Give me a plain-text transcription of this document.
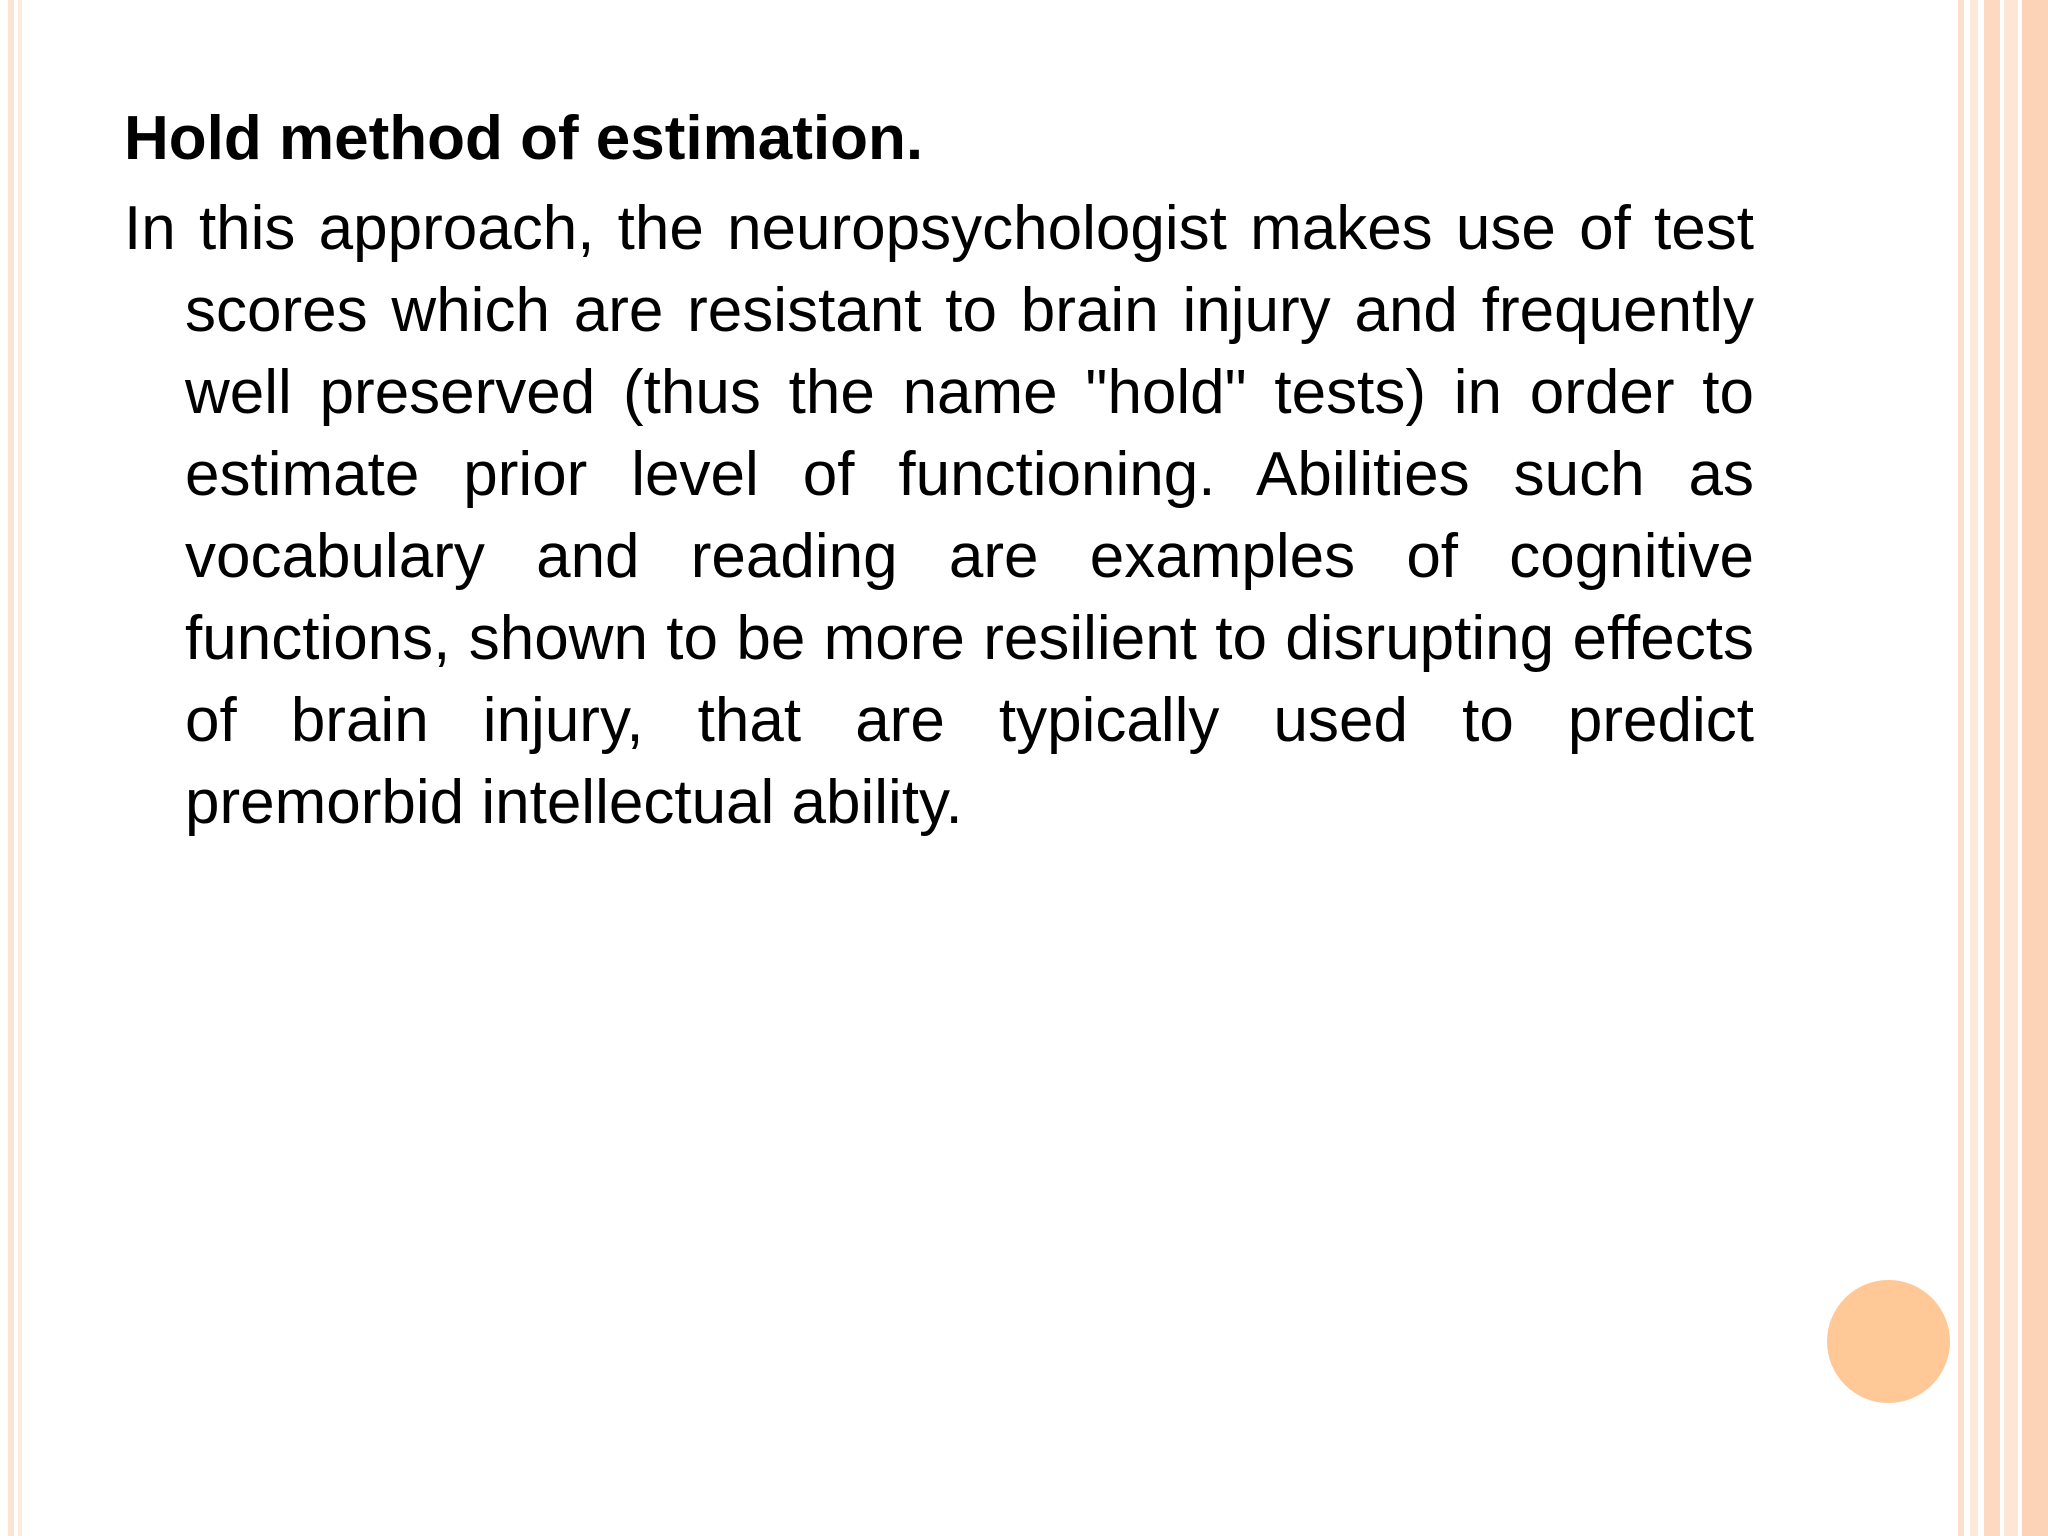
Hold method of estimation.

In this approach, the neuropsychologist makes use of test scores which are resistant to brain injury and frequently well preserved (thus the name "hold" tests) in order to estimate prior level of functioning. Abilities such as vocabulary and reading are examples of cognitive functions, shown to be more resilient to disrupting effects of brain injury, that are typically used to predict premorbid intellectual ability.
